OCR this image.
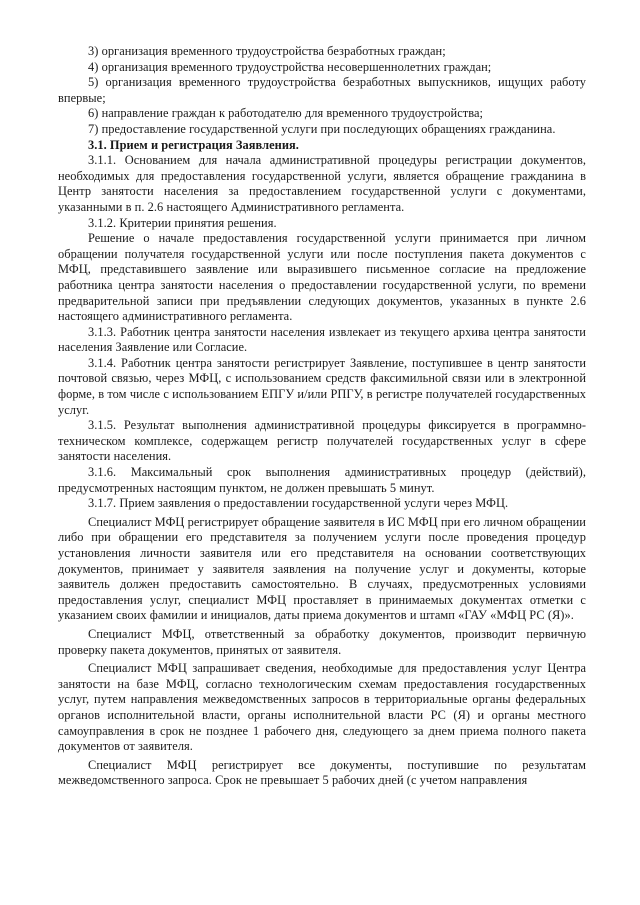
3) организация временного трудоустройства безработных граждан;

4) организация временного трудоустройства несовершеннолетних граждан;

5) организация временного трудоустройства безработных выпускников, ищущих работу впервые;

6) направление граждан к работодателю для временного трудоустройства;

7) предоставление государственной услуги при последующих обращениях гражданина.

3.1. Прием и регистрация Заявления.

3.1.1. Основанием для начала административной процедуры регистрации документов, необходимых для предоставления государственной услуги, является обращение гражданина в Центр занятости населения за предоставлением государственной услуги с документами, указанными в п. 2.6 настоящего Административного регламента.

3.1.2. Критерии принятия решения.

Решение о начале предоставления государственной услуги принимается при личном обращении получателя государственной услуги или после поступления пакета документов с МФЦ, представившего заявление или выразившего письменное согласие на предложение работника центра занятости населения о предоставлении государственной услуги, по времени предварительной записи при предъявлении следующих документов, указанных в пункте 2.6 настоящего административного регламента.

3.1.3. Работник центра занятости населения извлекает из текущего архива центра занятости населения Заявление или Согласие.

3.1.4. Работник центра занятости регистрирует Заявление, поступившее в центр занятости почтовой связью, через МФЦ, с использованием средств факсимильной связи или в электронной форме, в том числе с использованием ЕПГУ и/или РПГУ, в регистре получателей государственных услуг.

3.1.5. Результат выполнения административной процедуры фиксируется в программно-техническом комплексе, содержащем регистр получателей государственных услуг в сфере занятости населения.

3.1.6. Максимальный срок выполнения административных процедур (действий), предусмотренных настоящим пунктом, не должен превышать 5 минут.

3.1.7. Прием заявления о предоставлении государственной услуги через МФЦ.

Специалист МФЦ регистрирует обращение заявителя в ИС МФЦ при его личном обращении либо при обращении его представителя за получением услуги после проведения процедур установления личности заявителя или его представителя на основании соответствующих документов, принимает у заявителя заявления на получение услуг и документы, которые заявитель должен предоставить самостоятельно. В случаях, предусмотренных условиями предоставления услуг, специалист МФЦ проставляет в принимаемых документах отметки с указанием своих фамилии и инициалов, даты приема документов и штамп «ГАУ «МФЦ РС (Я)».

Специалист МФЦ, ответственный за обработку документов, производит первичную проверку пакета документов, принятых от заявителя.

Специалист МФЦ запрашивает сведения, необходимые для предоставления услуг Центра занятости на базе МФЦ, согласно технологическим схемам предоставления государственных услуг, путем направления межведомственных запросов в территориальные органы федеральных органов исполнительной власти, органы исполнительной власти РС (Я) и органы местного самоуправления в срок не позднее 1 рабочего дня, следующего за днем приема полного пакета документов от заявителя.

Специалист МФЦ регистрирует все документы, поступившие по результатам межведомственного запроса. Срок не превышает 5 рабочих дней (с учетом направления
